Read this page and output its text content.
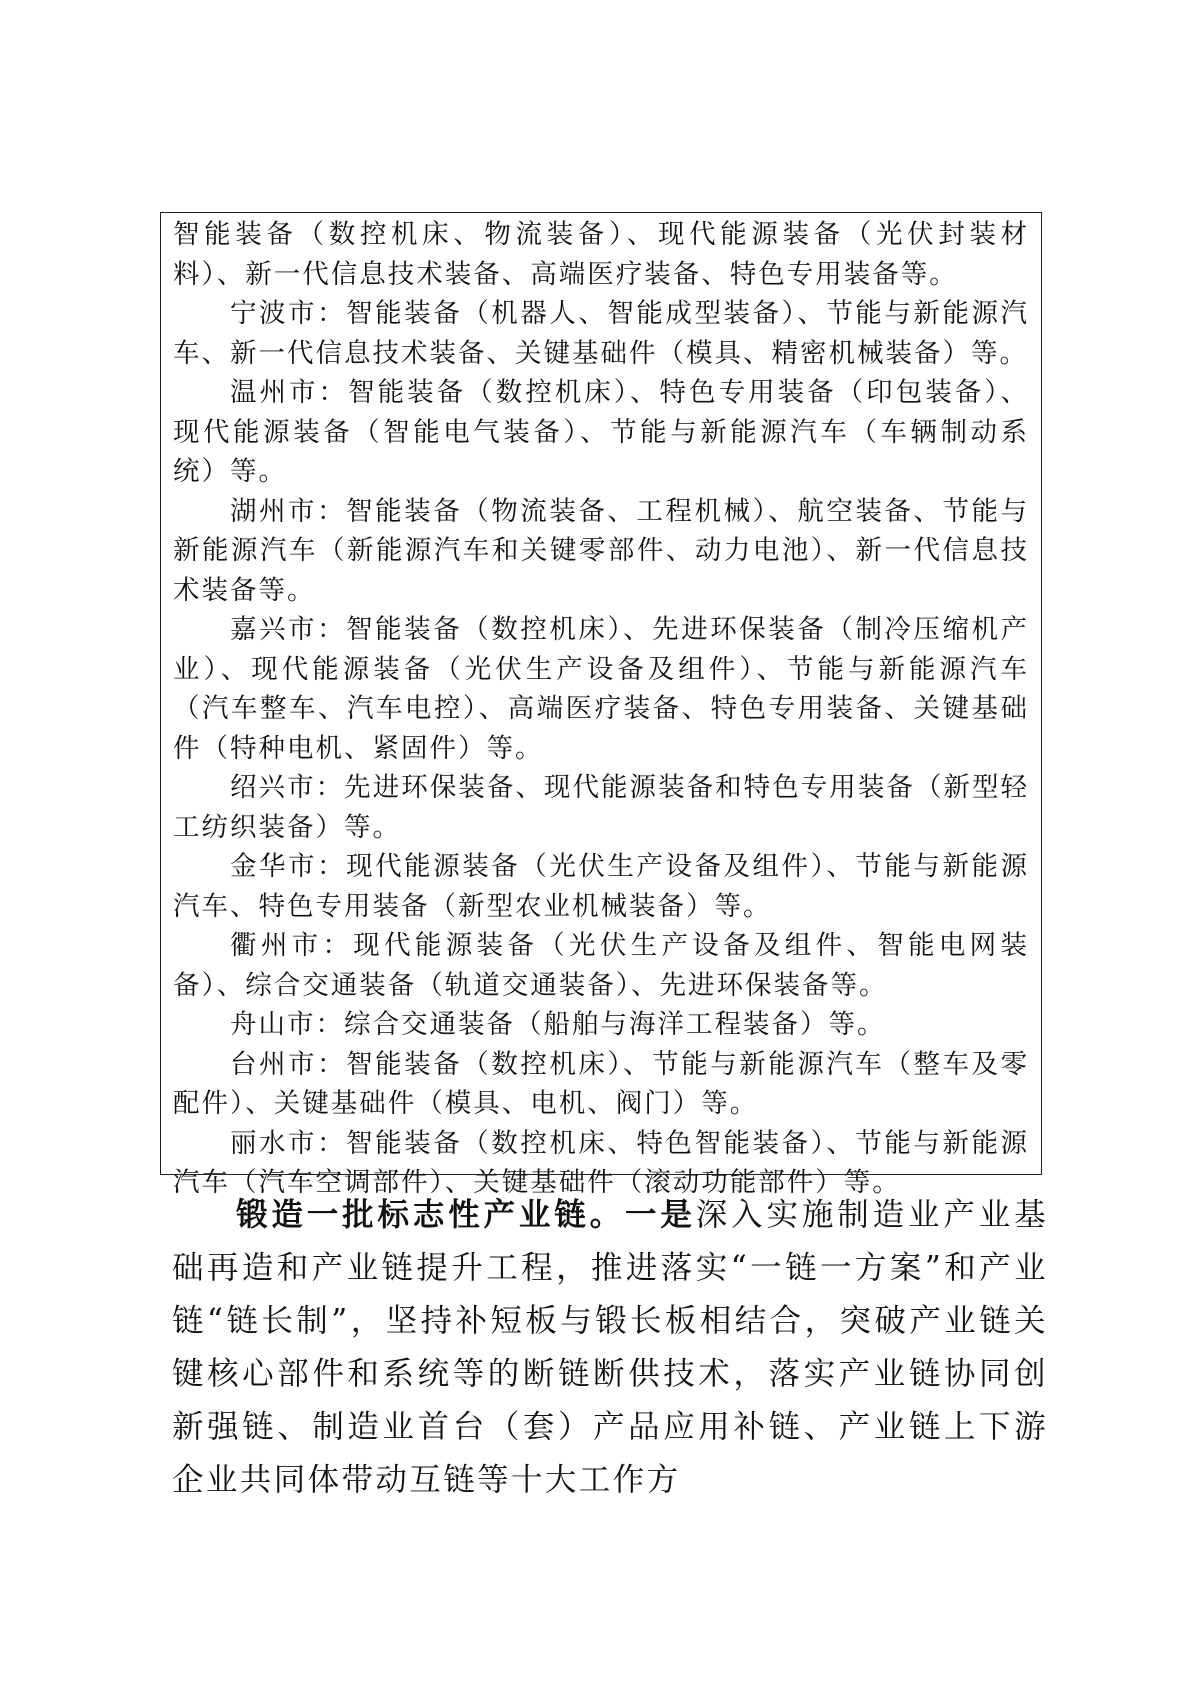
智能装备（数控机床、物流装备）、现代能源装备（光伏封装材料）、新一代信息技术装备、高端医疗装备、特色专用装备等。

宁波市：智能装备（机器人、智能成型装备）、节能与新能源汽车、新一代信息技术装备、关键基础件（模具、精密机械装备）等。

温州市：智能装备（数控机床）、特色专用装备（印包装备）、现代能源装备（智能电气装备）、节能与新能源汽车（车辆制动系统）等。

湖州市：智能装备（物流装备、工程机械）、航空装备、节能与新能源汽车（新能源汽车和关键零部件、动力电池）、新一代信息技术装备等。

嘉兴市：智能装备（数控机床）、先进环保装备（制冷压缩机产业）、现代能源装备（光伏生产设备及组件）、节能与新能源汽车（汽车整车、汽车电控）、高端医疗装备、特色专用装备、关键基础件（特种电机、紧固件）等。

绍兴市：先进环保装备、现代能源装备和特色专用装备（新型轻工纺织装备）等。

金华市：现代能源装备（光伏生产设备及组件）、节能与新能源汽车、特色专用装备（新型农业机械装备）等。

衢州市：现代能源装备（光伏生产设备及组件、智能电网装备）、综合交通装备（轨道交通装备）、先进环保装备等。

舟山市：综合交通装备（船舶与海洋工程装备）等。

台州市：智能装备（数控机床）、节能与新能源汽车（整车及零配件）、关键基础件（模具、电机、阀门）等。

丽水市：智能装备（数控机床、特色智能装备）、节能与新能源汽车（汽车空调部件）、关键基础件（滚动功能部件）等。

锻造一批标志性产业链。一是深入实施制造业产业基础再造和产业链提升工程，推进落实“一链一方案”和产业链“链长制”，坚持补短板与锻长板相结合，突破产业链关键核心部件和系统等的断链断供技术，落实产业链协同创新强链、制造业首台（套）产品应用补链、产业链上下游企业共同体带动互链等十大工作方
